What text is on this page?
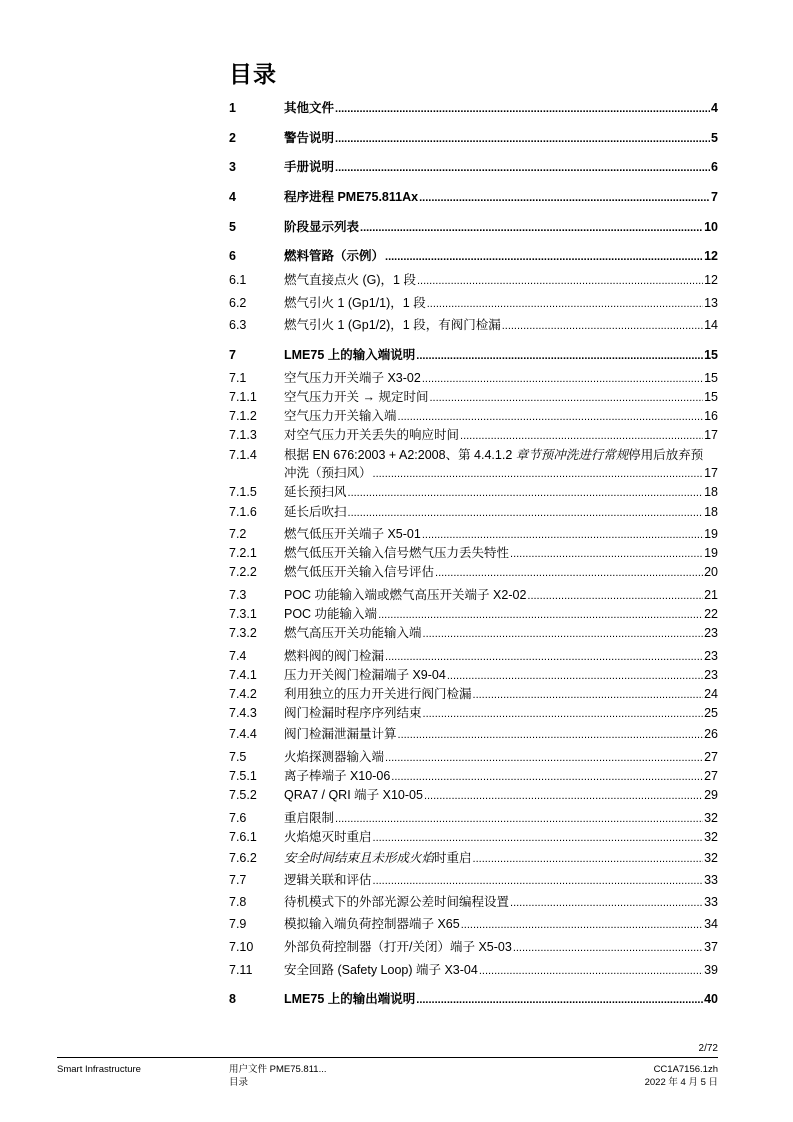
目录
1	其他文件 .....	4
2	警告说明 .....	5
3	手册说明 .....	6
4	程序进程 PME75.811Ax .....	7
5	阶段显示列表 .....	10
6	燃料管路（示例） .....	12
6.1	燃气直接点火 (G)，1 段 .....	12
6.2	燃气引火 1 (Gp1/1)，1 段 .....	13
6.3	燃气引火 1 (Gp1/2)，1 段，有阀门检漏 .....	14
7	LME75 上的输入端说明 .....	15
7.1	空气压力开关端子 X3-02 .....	15
7.1.1	空气压力开关 → 规定时间 .....	15
7.1.2	空气压力开关输入端 .....	16
7.1.3	对空气压力开关丢失的响应时间 .....	17
7.1.4	根据 EN 676:2003 + A2:2008、第 4.4.1.2 章节预冲洗进行常规停用后放弃预
冲洗（预扫风） .....	17
7.1.5	延长预扫风 .....	18
7.1.6	延长后吹扫 .....	18
7.2	燃气低压开关端子 X5-01 .....	19
7.2.1	燃气低压开关输入信号燃气压力丢失特性 .....	19
7.2.2	燃气低压开关输入信号评估 .....	20
7.3	POC 功能输入端或燃气高压开关端子 X2-02 .....	21
7.3.1	POC 功能输入端 .....	22
7.3.2	燃气高压开关功能输入端 .....	23
7.4	燃料阀的阀门检漏 .....	23
7.4.1	压力开关阀门检漏端子 X9-04 .....	23
7.4.2	利用独立的压力开关进行阀门检漏 .....	24
7.4.3	阀门检漏时程序序列结束 .....	25
7.4.4	阀门检漏泄漏量计算 .....	26
7.5	火焰探测器输入端 .....	27
7.5.1	离子棒端子 X10-06 .....	27
7.5.2	QRA7 / QRI 端子 X10-05 .....	29
7.6	重启限制 .....	32
7.6.1	火焰熄灭时重启 .....	32
7.6.2	安全时间结束且未形成火焰时重启 .....	32
7.7	逻辑关联和评估 .....	33
7.8	待机模式下的外部光源公差时间编程设置 .....	33
7.9	模拟输入端负荷控制器端子 X65 .....	34
7.10	外部负荷控制器（打开/关闭）端子 X5-03 .....	37
7.11	安全回路 (Safety Loop) 端子 X3-04 .....	39
8	LME75 上的输出端说明 .....	40
2/72
Smart Infrastructure	用户文件 PME75.811...
目录
CC1A7156.1zh
2022 年 4 月 5 日
